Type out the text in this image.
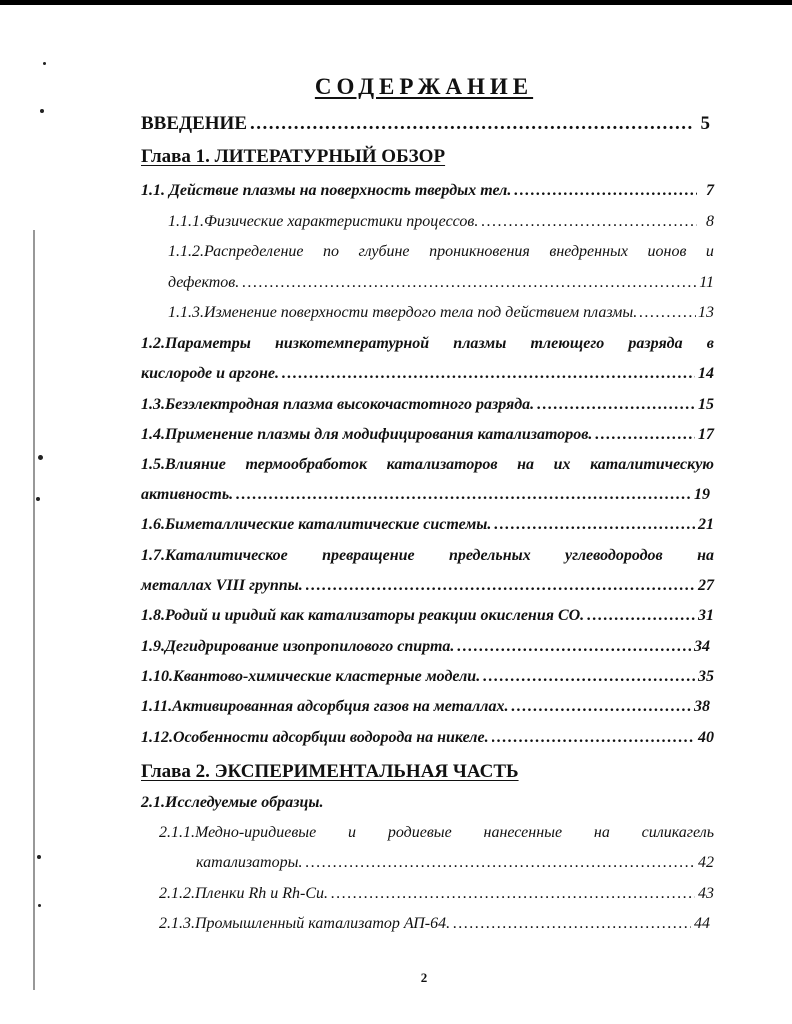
СОДЕРЖАНИЕ
ВВЕДЕНИЕ .....	5
Глава 1. ЛИТЕРАТУРНЫЙ ОБЗОР
1.1. Действие плазмы на поверхность твердых тел. .....	7
1.1.1.Физические характеристики процессов. .....	8
1.1.2.Распределение по глубине проникновения внедренных ионов и
дефектов. .....	11
1.1.3.Изменение поверхности твердого тела под действием плазмы. .....	13
1.2.Параметры низкотемпературной плазмы тлеющего разряда в
кислороде и аргоне. .....	14
1.3.Безэлектродная плазма высокочастотного разряда. .....	15
1.4.Применение плазмы для модифицирования катализаторов. .....	17
1.5.Влияние термообработок катализаторов на их каталитическую
активность. .....	19
1.6.Биметаллические каталитические системы. .....	21
1.7.Каталитическое превращение предельных углеводородов на
металлах VIII группы. .....	27
1.8.Родий и иридий как катализаторы реакции окисления СО. .....	31
1.9.Дегидрирование изопропилового спирта. .....	34
1.10.Квантово-химические кластерные модели. .....	35
1.11.Активированная адсорбция газов на металлах. .....	38
1.12.Особенности адсорбции водорода на никеле. .....	40
Глава 2. ЭКСПЕРИМЕНТАЛЬНАЯ ЧАСТЬ
2.1.Исследуемые образцы.
2.1.1.Медно-иридиевые и родиевые нанесенные на силикагель
катализаторы. .....	42
2.1.2.Пленки Rh и Rh-Cu. .....	43
2.1.3.Промышленный катализатор АП-64. .....	44
2
